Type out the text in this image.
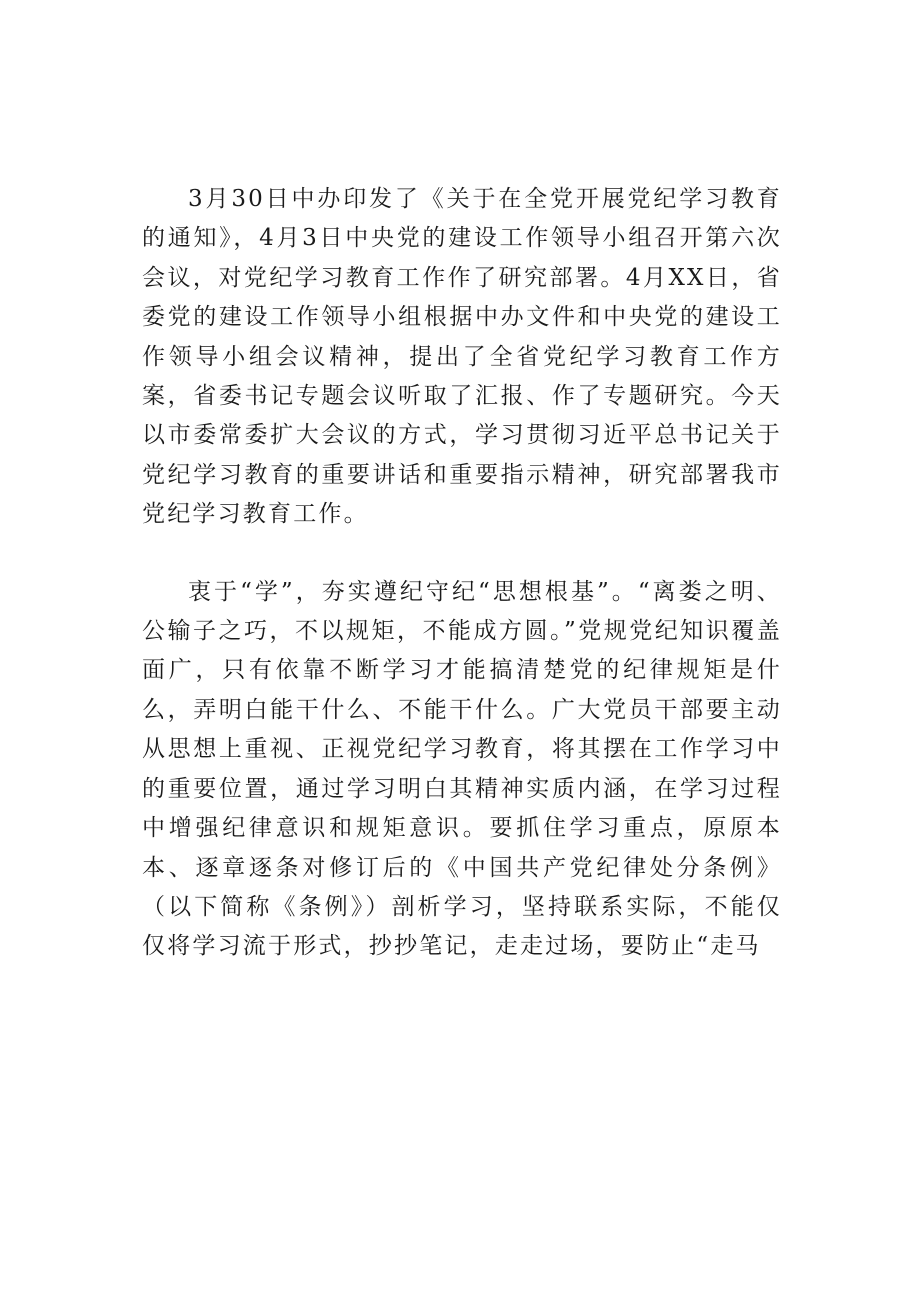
3月30日中办印发了《关于在全党开展党纪学习教育的通知》，4月3日中央党的建设工作领导小组召开第六次会议，对党纪学习教育工作作了研究部署。4月XX日，省委党的建设工作领导小组根据中办文件和中央党的建设工作领导小组会议精神，提出了全省党纪学习教育工作方案，省委书记专题会议听取了汇报、作了专题研究。今天以市委常委扩大会议的方式，学习贯彻习近平总书记关于党纪学习教育的重要讲话和重要指示精神，研究部署我市党纪学习教育工作。

衷于“学”，夯实遵纪守纪“思想根基”。“离娄之明、公输子之巧，不以规矩，不能成方圆。”党规党纪知识覆盖面广，只有依靠不断学习才能搞清楚党的纪律规矩是什么，弄明白能干什么、不能干什么。广大党员干部要主动从思想上重视、正视党纪学习教育，将其摆在工作学习中的重要位置，通过学习明白其精神实质内涵，在学习过程中增强纪律意识和规矩意识。要抓住学习重点，原原本本、逐章逐条对修订后的《中国共产党纪律处分条例》（以下简称《条例》）剖析学习，坚持联系实际，不能仅仅将学习流于形式，抄抄笔记，走走过场，要防止“走马
